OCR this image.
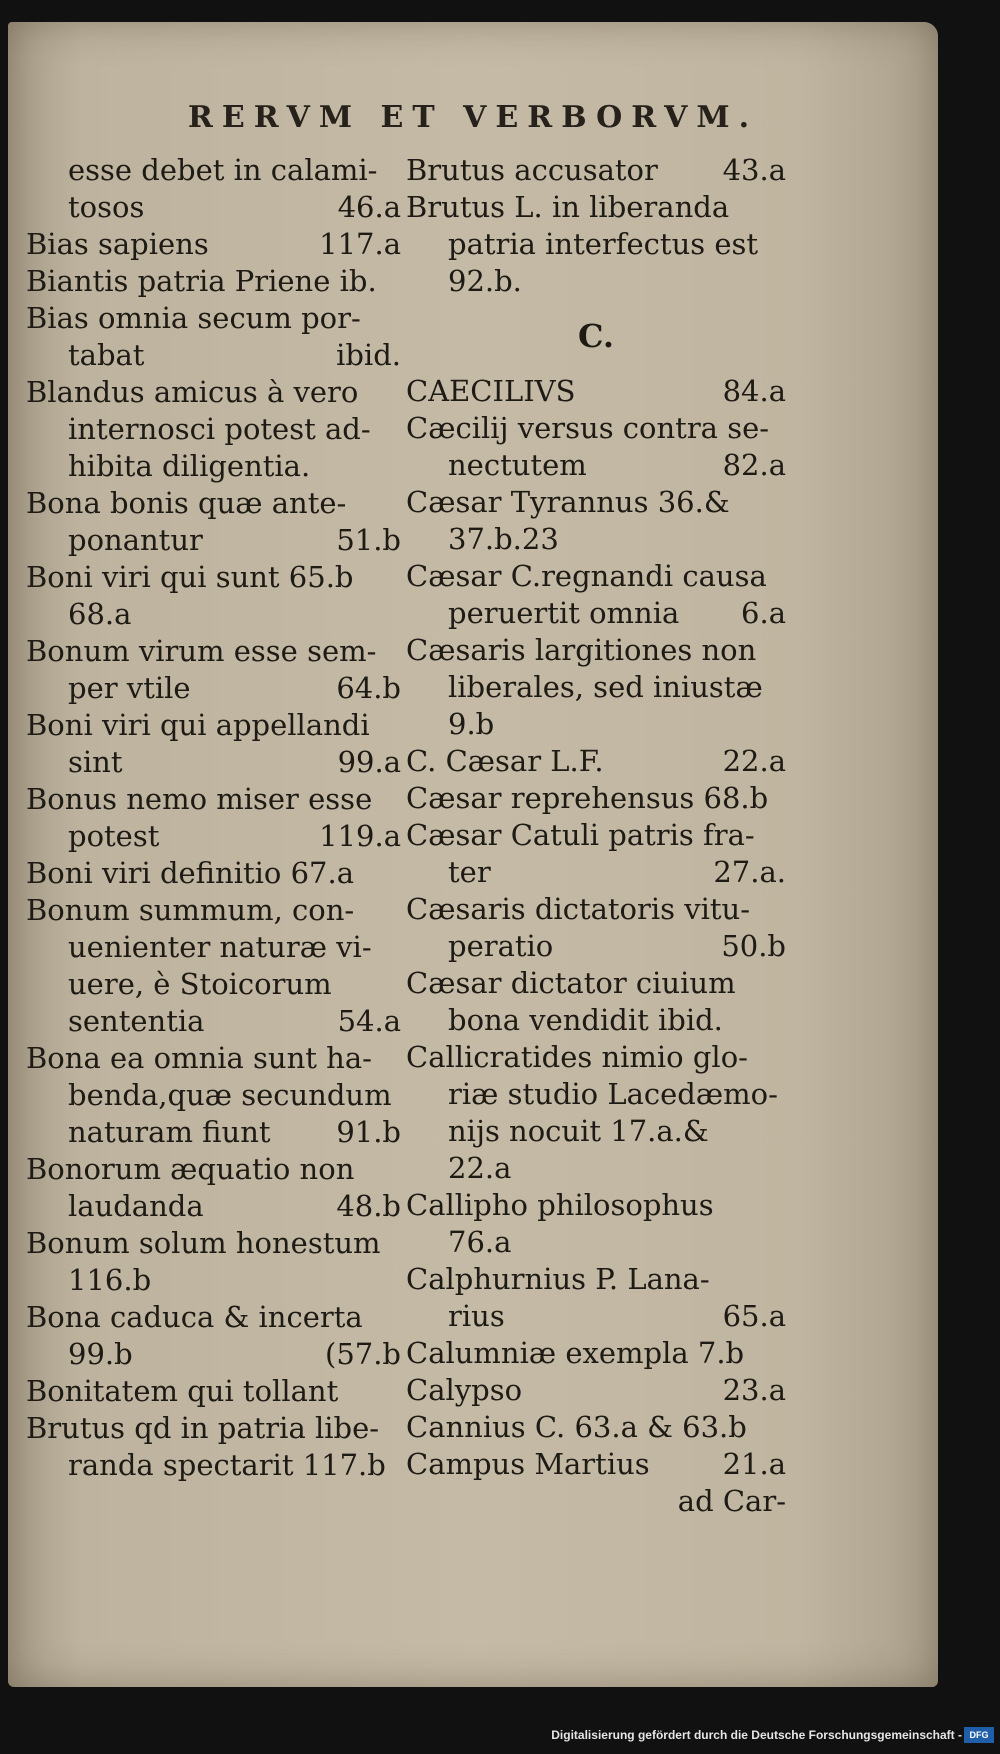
RERVM ET VERBORVM.
esse debet in calami-
tosos	46.a
Bias sapiens	117.a
Biantis patria Priene ib.
Bias omnia secum por-
tabat	ibid.
Blandus amicus à vero
internosci potest ad-
hibita diligentia.
Bona bonis quæ ante-
ponantur	51.b
Boni viri qui sunt 65.b
68.a
Bonum virum esse sem-
per vtile	64.b
Boni viri qui appellandi
sint	99.a
Bonus nemo miser esse
potest	119.a
Boni viri definitio 67.a
Bonum summum, con-
uenienter naturæ vi-
uere, è Stoicorum
sententia	54.a
Bona ea omnia sunt ha-
benda,quæ secundum
naturam fiunt 91.b
Bonorum æquatio non
laudanda	48.b
Bonum solum honestum
116.b
Bona caduca & incerta
99.b	(57.b
Bonitatem qui tollant
Brutus qd in patria libe-
randa spectarit 117.b
Brutus accusator 43.a
Brutus L. in liberanda
patria interfectus est
92.b.
C.
CAECILIVS	84.a
Cæcilij versus contra se-
nectutem	82.a
Cæsar Tyrannus 36.&
37.b.23
Cæsar C.regnandi causa
peruertit omnia 6.a
Cæsaris largitiones non
liberales, sed iniustæ
9.b
C. Cæsar L.F.	22.a
Cæsar reprehensus 68.b
Cæsar Catuli patris fra-
ter	27.a.
Cæsaris dictatoris vitu-
peratio	50.b
Cæsar dictator ciuium
bona vendidit ibid.
Callicratides nimio glo-
riæ studio Lacedæmo-
nijs nocuit 17.a.&
22.a
Callipho philosophus
76.a
Calphurnius P. Lana-
rius	65.a
Calumniæ exempla 7.b
Calypso	23.a
Cannius C. 63.a & 63.b
Campus Martius	21.a
ad Car-
Digitalisierung gefördert durch die Deutsche Forschungsgemeinschaft - DFG
